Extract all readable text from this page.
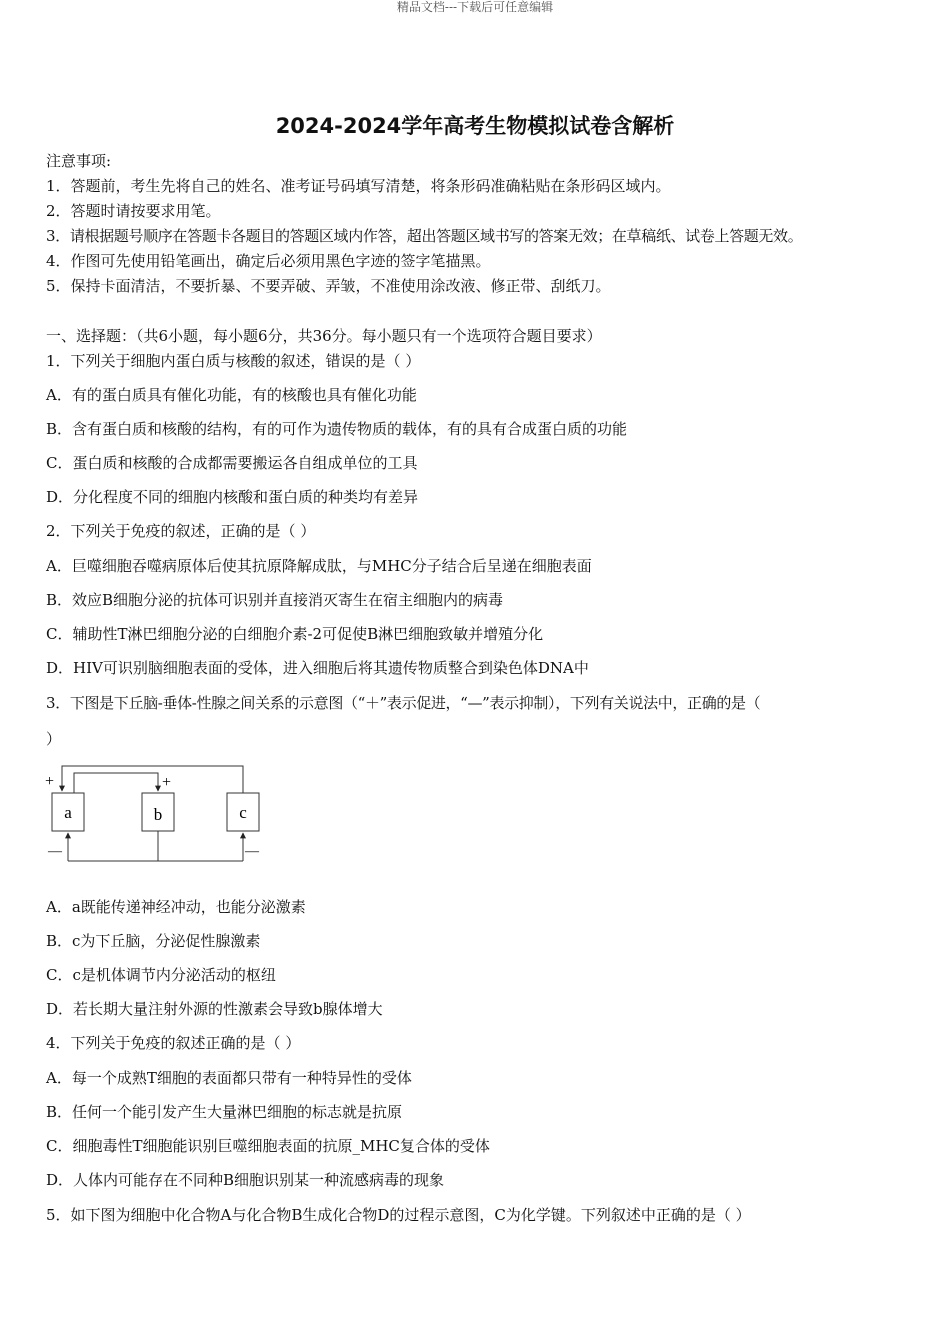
精品文档---下载后可任意编辑
2024-2024学年高考生物模拟试卷含解析
注意事项:
1．答题前，考生先将自己的姓名、准考证号码填写清楚，将条形码准确粘贴在条形码区域内。
2．答题时请按要求用笔。
3．请根据题号顺序在答题卡各题目的答题区域内作答，超出答题区域书写的答案无效；在草稿纸、试卷上答题无效。
4．作图可先使用铅笔画出，确定后必须用黑色字迹的签字笔描黑。
5．保持卡面清洁，不要折暴、不要弄破、弄皱，不准使用涂改液、修正带、刮纸刀。
一、选择题：（共6小题，每小题6分，共36分。每小题只有一个选项符合题目要求）
1．下列关于细胞内蛋白质与核酸的叙述，错误的是（ ）
A．有的蛋白质具有催化功能，有的核酸也具有催化功能
B．含有蛋白质和核酸的结构，有的可作为遗传物质的载体，有的具有合成蛋白质的功能
C．蛋白质和核酸的合成都需要搬运各自组成单位的工具
D．分化程度不同的细胞内核酸和蛋白质的种类均有差异
2．下列关于免疫的叙述，正确的是（ ）
A．巨噬细胞吞噬病原体后使其抗原降解成肽，与MHC分子结合后呈递在细胞表面
B．效应B细胞分泌的抗体可识别并直接消灭寄生在宿主细胞内的病毒
C．辅助性T淋巴细胞分泌的白细胞介素-2可促使B淋巴细胞致敏并增殖分化
D．HIV可识别脑细胞表面的受体，进入细胞后将其遗传物质整合到染色体DNA中
3．下图是下丘脑-垂体-性腺之间关系的示意图（“＋”表示促进，“—”表示抑制），下列有关说法中，正确的是（
）
a	b	c
+	+
—	—
A．a既能传递神经冲动，也能分泌激素
B．c为下丘脑，分泌促性腺激素
C．c是机体调节内分泌活动的枢纽
D．若长期大量注射外源的性激素会导致b腺体增大
4．下列关于免疫的叙述正确的是（ ）
A．每一个成熟T细胞的表面都只带有一种特异性的受体
B．任何一个能引发产生大量淋巴细胞的标志就是抗原
C．细胞毒性T细胞能识别巨噬细胞表面的抗原_MHC复合体的受体
D．人体内可能存在不同种B细胞识别某一种流感病毒的现象
5．如下图为细胞中化合物A与化合物B生成化合物D的过程示意图，C为化学键。下列叙述中正确的是（ ）
